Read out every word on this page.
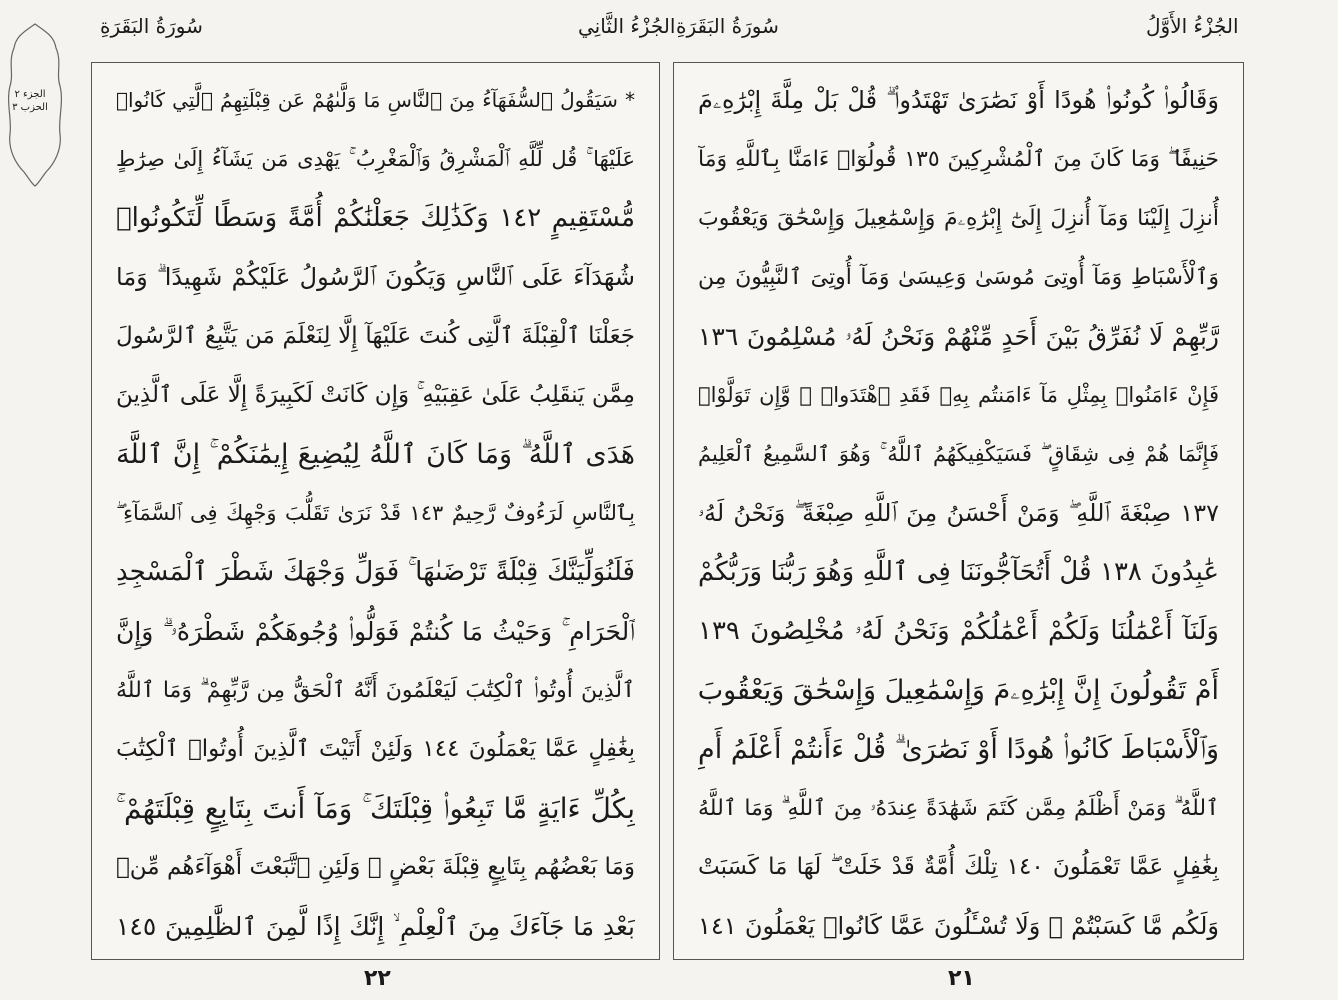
سُورَةُ البَقَرَةِ	الجُزْءُ الثَّانِي سُورَةُ البَقَرَةِ	الجُزْءُ الأَوَّلُ
الجزء ٢
الحزب ٣	* سَيَقُولُ ٱلسُّفَهَآءُ مِنَ ٱلنَّاسِ مَا وَلَّىٰهُمْ عَن قِبْلَتِهِمُ ٱلَّتِي كَانُوا۟
عَلَيْهَا ۚ قُل لِّلَّهِ ٱلْمَشْرِقُ وَٱلْمَغْرِبُ ۚ يَهْدِى مَن يَشَآءُ إِلَىٰ صِرَٰطٍ
مُّسْتَقِيمٍ ١٤٢ وَكَذَٰلِكَ جَعَلْنَٰكُمْ أُمَّةً وَسَطًا لِّتَكُونُوا۟
شُهَدَآءَ عَلَى ٱلنَّاسِ وَيَكُونَ ٱلرَّسُولُ عَلَيْكُمْ شَهِيدًا ۗ وَمَا
جَعَلْنَا ٱلْقِبْلَةَ ٱلَّتِى كُنتَ عَلَيْهَآ إِلَّا لِنَعْلَمَ مَن يَتَّبِعُ ٱلرَّسُولَ
مِمَّن يَنقَلِبُ عَلَىٰ عَقِبَيْهِ ۚ وَإِن كَانَتْ لَكَبِيرَةً إِلَّا عَلَى ٱلَّذِينَ
هَدَى ٱللَّهُ ۗ وَمَا كَانَ ٱللَّهُ لِيُضِيعَ إِيمَٰنَكُمْ ۚ إِنَّ ٱللَّهَ
بِٱلنَّاسِ لَرَءُوفٌ رَّحِيمٌ ١٤٣ قَدْ نَرَىٰ تَقَلُّبَ وَجْهِكَ فِى ٱلسَّمَآءِ ۖ
فَلَنُوَلِّيَنَّكَ قِبْلَةً تَرْضَىٰهَا ۚ فَوَلِّ وَجْهَكَ شَطْرَ ٱلْمَسْجِدِ
ٱلْحَرَامِ ۚ وَحَيْثُ مَا كُنتُمْ فَوَلُّوا۟ وُجُوهَكُمْ شَطْرَهُۥ ۗ وَإِنَّ
ٱلَّذِينَ أُوتُوا۟ ٱلْكِتَٰبَ لَيَعْلَمُونَ أَنَّهُ ٱلْحَقُّ مِن رَّبِّهِمْ ۗ وَمَا ٱللَّهُ
بِغَٰفِلٍ عَمَّا يَعْمَلُونَ ١٤٤ وَلَئِنْ أَتَيْتَ ٱلَّذِينَ أُوتُوا۟ ٱلْكِتَٰبَ
بِكُلِّ ءَايَةٍ مَّا تَبِعُوا۟ قِبْلَتَكَ ۚ وَمَآ أَنتَ بِتَابِعٍ قِبْلَتَهُمْ ۚ
وَمَا بَعْضُهُم بِتَابِعٍ قِبْلَةَ بَعْضٍ ۚ وَلَئِنِ ٱتَّبَعْتَ أَهْوَآءَهُم مِّنۢ
بَعْدِ مَا جَآءَكَ مِنَ ٱلْعِلْمِ ۙ إِنَّكَ إِذًا لَّمِنَ ٱلظَّٰلِمِينَ ١٤٥
وَقَالُوا۟ كُونُوا۟ هُودًا أَوْ نَصَٰرَىٰ تَهْتَدُوا۟ ۗ قُلْ بَلْ مِلَّةَ إِبْرَٰهِۦمَ
حَنِيفًا ۖ وَمَا كَانَ مِنَ ٱلْمُشْرِكِينَ ١٣٥ قُولُوٓا۟ ءَامَنَّا بِٱللَّهِ وَمَآ
أُنزِلَ إِلَيْنَا وَمَآ أُنزِلَ إِلَىٰٓ إِبْرَٰهِۦمَ وَإِسْمَٰعِيلَ وَإِسْحَٰقَ وَيَعْقُوبَ
وَٱلْأَسْبَاطِ وَمَآ أُوتِىَ مُوسَىٰ وَعِيسَىٰ وَمَآ أُوتِىَ ٱلنَّبِيُّونَ مِن
رَّبِّهِمْ لَا نُفَرِّقُ بَيْنَ أَحَدٍ مِّنْهُمْ وَنَحْنُ لَهُۥ مُسْلِمُونَ ١٣٦
فَإِنْ ءَامَنُوا۟ بِمِثْلِ مَآ ءَامَنتُم بِهِۦ فَقَدِ ٱهْتَدَوا۟ ۖ وَّإِن تَوَلَّوْا۟
فَإِنَّمَا هُمْ فِى شِقَاقٍ ۖ فَسَيَكْفِيكَهُمُ ٱللَّهُ ۚ وَهُوَ ٱلسَّمِيعُ ٱلْعَلِيمُ
١٣٧ صِبْغَةَ ٱللَّهِ ۖ وَمَنْ أَحْسَنُ مِنَ ٱللَّهِ صِبْغَةً ۖ وَنَحْنُ لَهُۥ
عَٰبِدُونَ ١٣٨ قُلْ أَتُحَآجُّونَنَا فِى ٱللَّهِ وَهُوَ رَبُّنَا وَرَبُّكُمْ
وَلَنَآ أَعْمَٰلُنَا وَلَكُمْ أَعْمَٰلُكُمْ وَنَحْنُ لَهُۥ مُخْلِصُونَ ١٣٩
أَمْ تَقُولُونَ إِنَّ إِبْرَٰهِۦمَ وَإِسْمَٰعِيلَ وَإِسْحَٰقَ وَيَعْقُوبَ
وَٱلْأَسْبَاطَ كَانُوا۟ هُودًا أَوْ نَصَٰرَىٰ ۗ قُلْ ءَأَنتُمْ أَعْلَمُ أَمِ
ٱللَّهُ ۗ وَمَنْ أَظْلَمُ مِمَّن كَتَمَ شَهَٰدَةً عِندَهُۥ مِنَ ٱللَّهِ ۗ وَمَا ٱللَّهُ
بِغَٰفِلٍ عَمَّا تَعْمَلُونَ ١٤٠ تِلْكَ أُمَّةٌ قَدْ خَلَتْ ۖ لَهَا مَا كَسَبَتْ
وَلَكُم مَّا كَسَبْتُمْ ۖ وَلَا تُسْـَٔلُونَ عَمَّا كَانُوا۟ يَعْمَلُونَ ١٤١
٢٢	٢١
